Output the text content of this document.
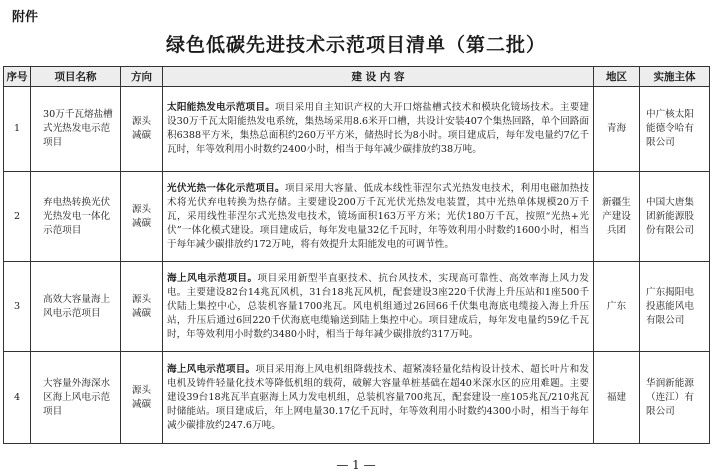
附件
绿色低碳先进技术示范项目清单（第二批）
序号	项目名称	方向	建 设 内 容	地区	实施主体
1	30万千瓦熔盐槽式光热发电示范项目	源头减碳	太阳能热发电示范项目。项目采用自主知识产权的大开口熔盐槽式技术和模块化镜场技术。主要建设30万千瓦太阳能热发电系统，集热场采用8.6米开口槽，共设计安装407个集热回路，单个回路面积6388平方米，集热总面积约260万平方米，储热时长为8小时。项目建成后，每年发电量约7亿千瓦时，年等效利用小时数约2400小时，相当于每年减少碳排放约38万吨。	青海	中广核太阳能德令哈有限公司
2	弃电热转换光伏光热发电一体化示范项目	源头减碳	光伏光热一体化示范项目。项目采用大容量、低成本线性菲涅尔式光热发电技术，利用电磁加热技术将光伏弃电转换为热存储。主要建设200万千瓦光伏光热发电装置，其中光热单体规模20万千瓦，采用线性菲涅尔式光热发电技术，镜场面积163万平方米；光伏180万千瓦，按照“光热+光伏”一体化模式建设。项目建成后，每年发电量32亿千瓦时，年等效利用小时数约1600小时，相当于每年减少碳排放约172万吨，将有效提升太阳能发电的可调节性。	新疆生产建设兵团	中国大唐集团新能源股份有限公司
3	高效大容量海上风电示范项目	源头减碳	海上风电示范项目。项目采用新型半直驱技术、抗台风技术，实现高可靠性、高效率海上风力发电。主要建设82台14兆瓦风机，31台18兆瓦风机，配套建设3座220千伏海上升压站和1座500千伏陆上集控中心，总装机容量1700兆瓦。风电机组通过26回66千伏集电海底电缆接入海上升压站，升压后通过6回220千伏海底电缆输送到陆上集控中心。项目建成后，每年发电量约59亿千瓦时，年等效利用小时数约3480小时，相当于每年减少碳排放约317万吨。	广东	广东揭阳电投惠能风电有限公司
4	大容量外海深水区海上风电示范项目	源头减碳	海上风电示范项目。项目采用海上风电机组降载技术、超紧凑轻量化结构设计技术、超长叶片和发电机及铸件轻量化技术等降低机组的载荷，破解大容量单桩基础在超40米深水区的应用难题。主要建设39台18兆瓦半直驱海上风力发电机组，总装机容量700兆瓦，配套建设一座105兆瓦/210兆瓦时储能站。项目建成后，年上网电量30.17亿千瓦时，年等效利用小时数约4300小时，相当于每年减少碳排放约247.6万吨。	福建	华润新能源（连江）有限公司
— 1 —
